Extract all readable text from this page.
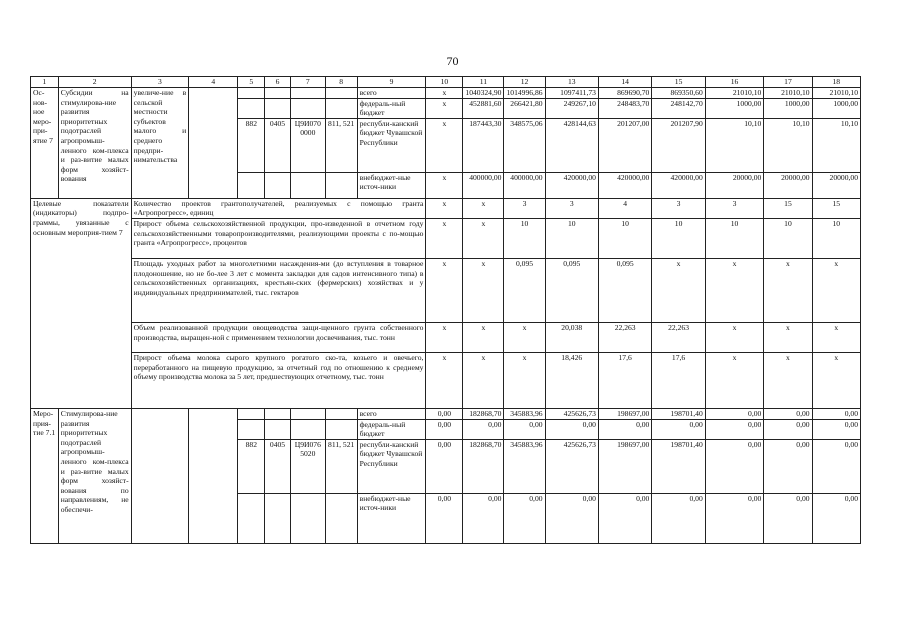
70
1	2	3	4	5	6	7	8	9	10	11	12	13	14	15	16	17	18
Ос-нов-ное меро-при-ятие 7	Субсидии на стимулирова-ние развития приоритетных подотраслей агропромыш-ленного ком-плекса и раз-витие малых форм хозяйст-вования	увеличе-ние в сельской местности субъектов малого и среднего предпри-нимательства						всего	x	1040324,90	1014996,86	1097411,73	869690,70	869350,60	21010,10	21010,10	21010,10
								федераль-ный бюджет	x	452881,60	266421,80	249267,10	248483,70	248142,70	1000,00	1000,00	1000,00
				882	0405	Ц9И070 0000	811, 521	республи-канский бюджет Чувашской Республики	x	187443,30	348575,06	428144,63	201207,00	201207,90	10,10	10,10	10,10
								внебюджет-ные источ-ники	x	400000,00	400000,00	420000,00	420000,00	420000,00	20000,00	20000,00	20000,00
Целевые показатели (индикаторы) подпро-граммы, увязанные с основным мероприя-тием 7		Количество проектов грантополучателей, реализуемых с помощью гранта «Агропрогресс», единиц							x	x	3	3	4	3	3	15	15
		Прирост объема сельскохозяйственной продукции, про-изведенной в отчетном году сельскохозяйственными товаропроизводителями, реализующими проекты с по-мощью гранта «Агропрогресс», процентов							x	x	10	10	10	10	10	10	10
		Площадь уходных работ за многолетними насаждения-ми (до вступления в товарное плодоношение, но не бо-лее 3 лет с момента закладки для садов интенсивного типа) в сельскохозяйственных организациях, крестьян-ских (фермерских) хозяйствах и у индивидуальных предпринимателей, тыс. гектаров							x	x	0,095	0,095	0,095	x	x	x	x
		Объем реализованной продукции овощеводства защи-щенного грунта собственного производства, выращен-ной с применением технологии досвечивания, тыс. тонн							x	x	x	20,038	22,263	22,263	x	x	x
		Прирост объема молока сырого крупного рогатого ско-та, козьего и овечьего, переработанного на пищевую продукцию, за отчетный год по отношению к среднему объему производства молока за 5 лет, предшествующих отчетному, тыс. тонн							x	x	x	18,426	17,6	17,6	x	x	x
Меро-прия-тие 7.1	Стимулирова-ние развития приоритетных подотраслей агропромыш-ленного ком-плекса и раз-витие малых форм хозяйст-вования по направлениям, не обеспечи-							всего	0,00	182868,70	345883,96	425626,73	198697,00	198701,40	0,00	0,00	0,00
								федераль-ный бюджет	0,00	0,00	0,00	0,00	0,00	0,00	0,00	0,00	0,00
				882	0405	Ц9И076 5020	811, 521	республи-канский бюджет Чувашской Республики	0,00	182868,70	345883,96	425626,73	198697,00	198701,40	0,00	0,00	0,00
								внебюджет-ные источ-ники	0,00	0,00	0,00	0,00	0,00	0,00	0,00	0,00	0,00
